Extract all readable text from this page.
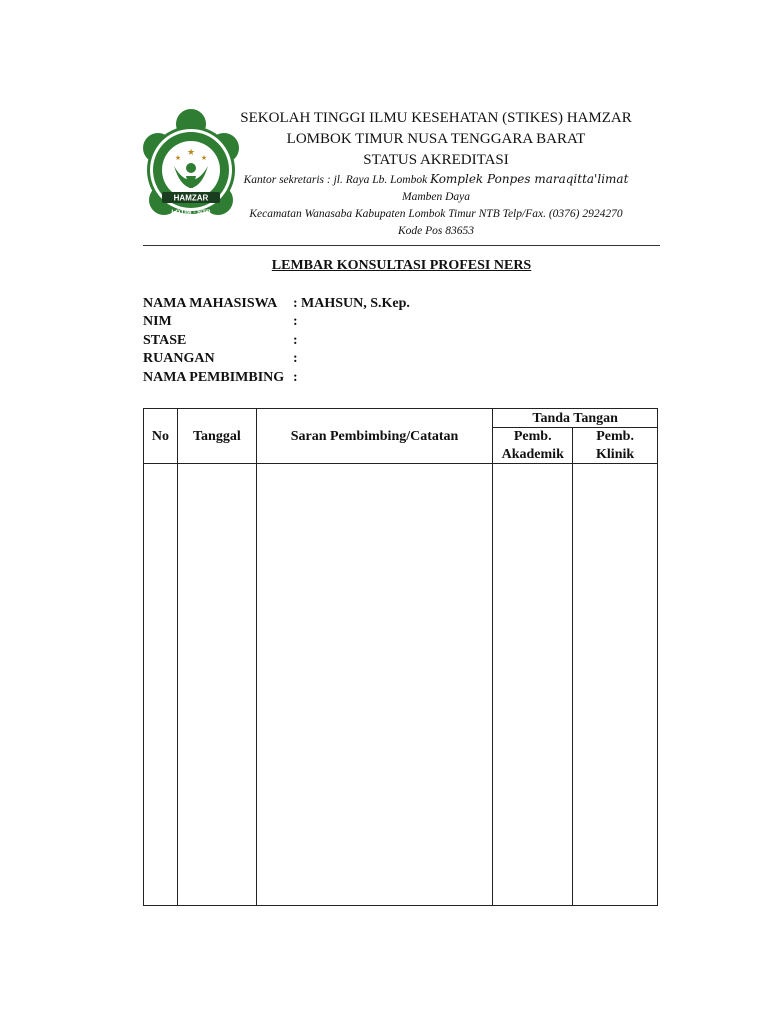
★
★	★
HAMZAR
LOTIM - NTB
SEKOLAH TINGGI ILMU KESEHATAN (STIKES) HAMZAR
LOMBOK TIMUR NUSA TENGGARA BARAT
STATUS AKREDITASI
Kantor sekretaris : jl. Raya Lb. Lombok Komplek Ponpes maraqitta'limat
Mamben Daya
Kecamatan Wanasaba Kabupaten Lombok Timur NTB Telp/Fax. (0376) 2924270
Kode Pos 83653
LEMBAR KONSULTASI PROFESI NERS
NAMA MAHASISWA : MAHSUN, S.Kep.
NIM	:
STASE	:
RUANGAN	:
NAMA PEMBIMBING :
No	Tanggal	Saran Pembimbing/Catatan	Tanda Tangan	
			Pemb.	Pemb.
			Akademik	Klinik
